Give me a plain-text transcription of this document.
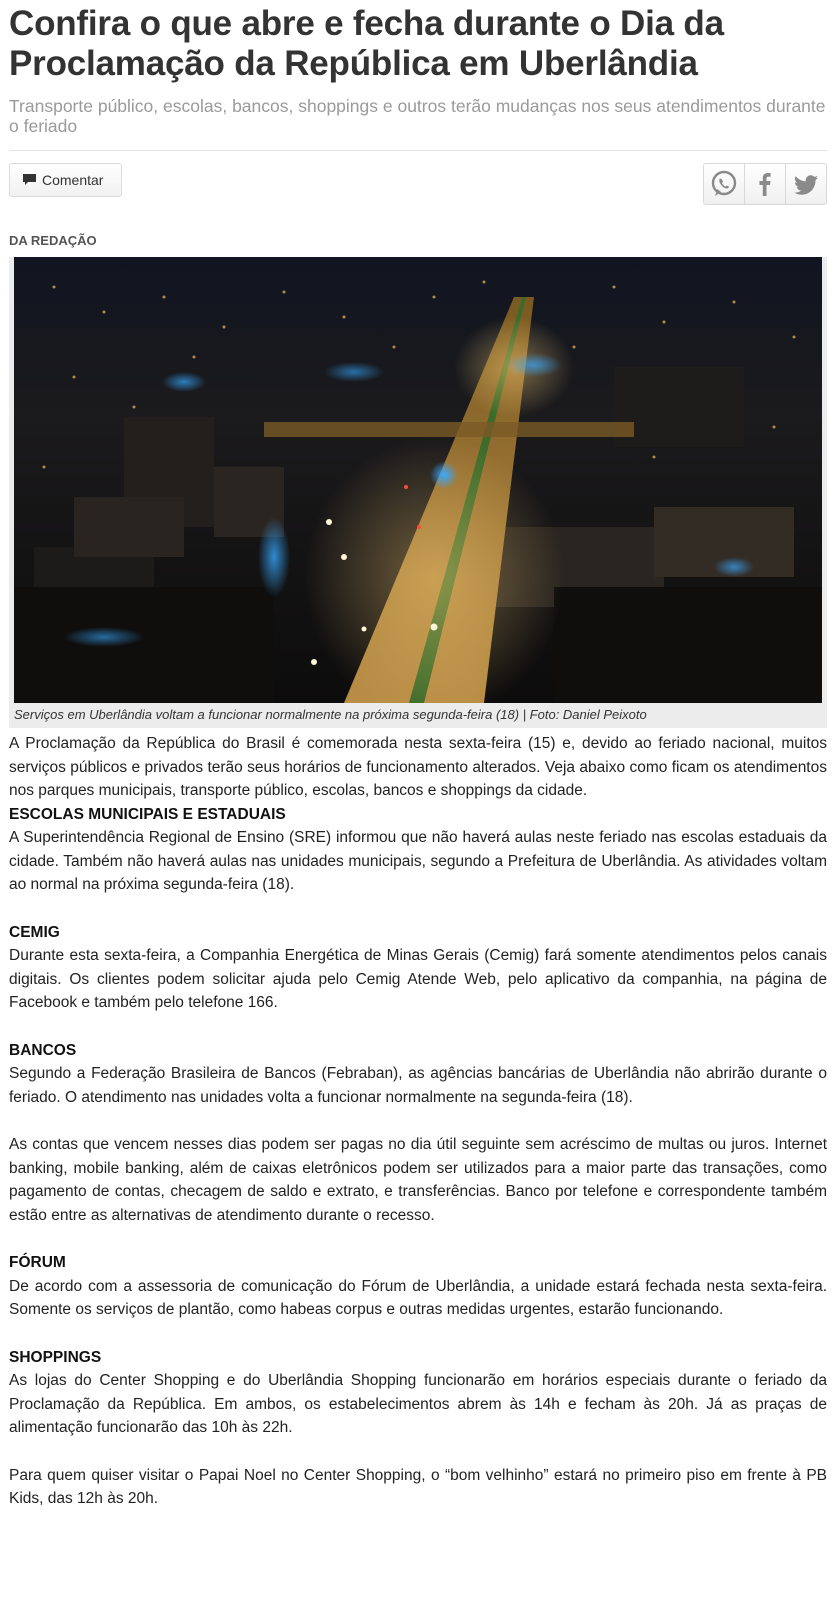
Confira o que abre e fecha durante o Dia da Proclamação da República em Uberlândia

Transporte público, escolas, bancos, shoppings e outros terão mudanças nos seus atendimentos durante o feriado

Comentar
DA REDAÇÃO
Serviços em Uberlândia voltam a funcionar normalmente na próxima segunda-feira (18) | Foto: Daniel Peixoto

A Proclamação da República do Brasil é comemorada nesta sexta-feira (15) e, devido ao feriado nacional, muitos serviços públicos e privados terão seus horários de funcionamento alterados. Veja abaixo como ficam os atendimentos nos parques municipais, transporte público, escolas, bancos e shoppings da cidade.

ESCOLAS MUNICIPAIS E ESTADUAIS

A Superintendência Regional de Ensino (SRE) informou que não haverá aulas neste feriado nas escolas estaduais da cidade. Também não haverá aulas nas unidades municipais, segundo a Prefeitura de Uberlândia. As atividades voltam ao normal na próxima segunda-feira (18).

CEMIG

Durante esta sexta-feira, a Companhia Energética de Minas Gerais (Cemig) fará somente atendimentos pelos canais digitais. Os clientes podem solicitar ajuda pelo Cemig Atende Web, pelo aplicativo da companhia, na página de Facebook e também pelo telefone 166.

BANCOS

Segundo a Federação Brasileira de Bancos (Febraban), as agências bancárias de Uberlândia não abrirão durante o feriado. O atendimento nas unidades volta a funcionar normalmente na segunda-feira (18).

As contas que vencem nesses dias podem ser pagas no dia útil seguinte sem acréscimo de multas ou juros. Internet banking, mobile banking, além de caixas eletrônicos podem ser utilizados para a maior parte das transações, como pagamento de contas, checagem de saldo e extrato, e transferências. Banco por telefone e correspondente também estão entre as alternativas de atendimento durante o recesso.

FÓRUM

De acordo com a assessoria de comunicação do Fórum de Uberlândia, a unidade estará fechada nesta sexta-feira. Somente os serviços de plantão, como habeas corpus e outras medidas urgentes, estarão funcionando.

SHOPPINGS

As lojas do Center Shopping e do Uberlândia Shopping funcionarão em horários especiais durante o feriado da Proclamação da República. Em ambos, os estabelecimentos abrem às 14h e fecham às 20h. Já as praças de alimentação funcionarão das 10h às 22h.

Para quem quiser visitar o Papai Noel no Center Shopping, o “bom velhinho” estará no primeiro piso em frente à PB Kids, das 12h às 20h.
